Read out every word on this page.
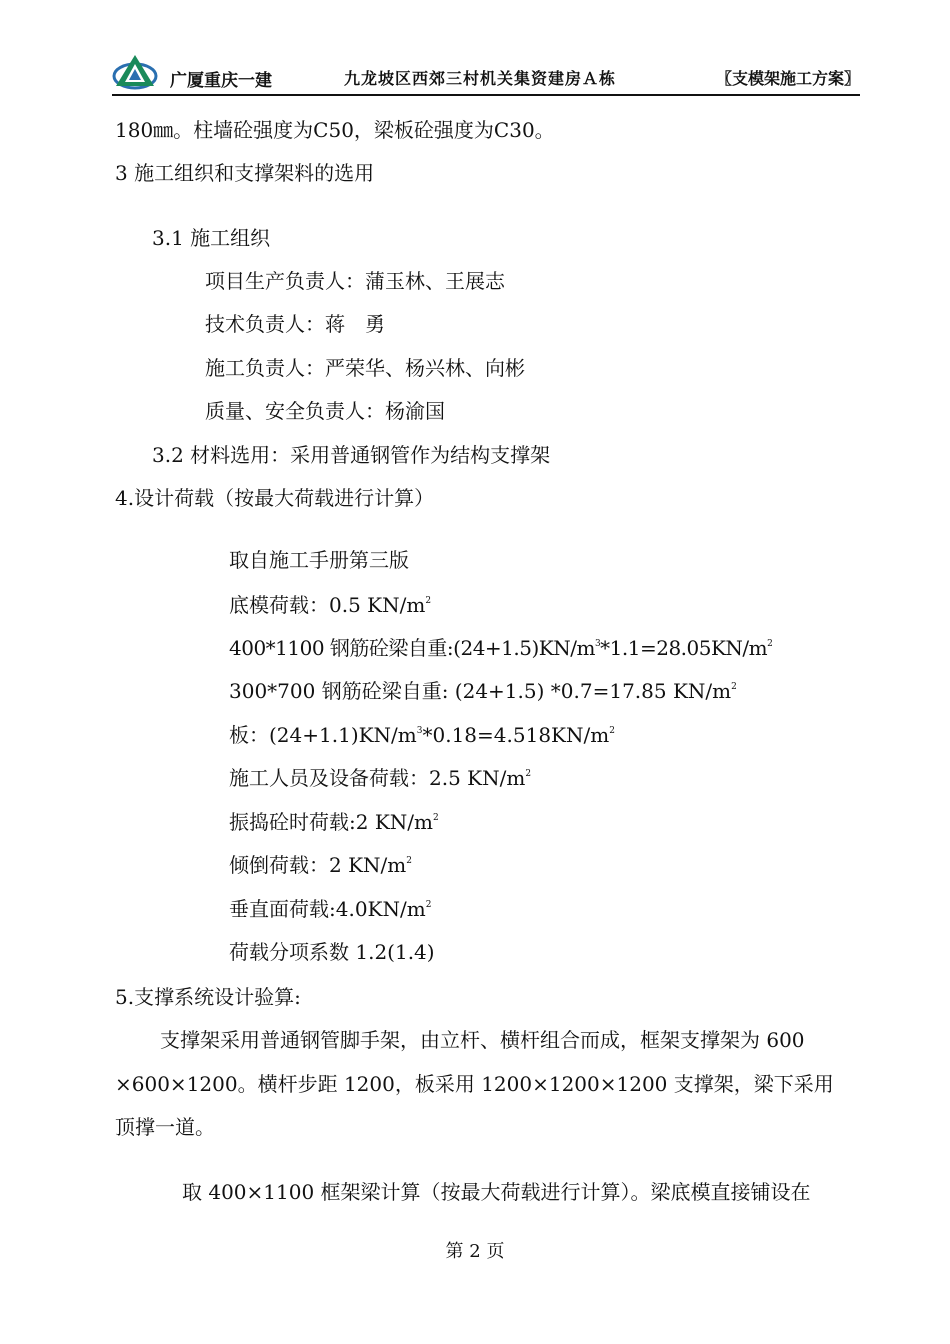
广厦重庆一建	九龙坡区西郊三村机关集资建房Ａ栋	〖支模架施工方案〗
180㎜。柱墙砼强度为C50，梁板砼强度为C30。
3 施工组织和支撑架料的选用
3.1 施工组织
项目生产负责人：蒲玉林、王展志
技术负责人：蒋　勇
施工负责人：严荣华、杨兴林、向彬
质量、安全负责人：杨渝国
3.2 材料选用：采用普通钢管作为结构支撑架
4.设计荷载（按最大荷载进行计算）
取自施工手册第三版
底模荷载：0.5 $KN/m^2$
400*1100 钢筋砼梁自重$:(24+1.5)KN/m^3*1.1=28.05KN/m^2$
300*700 钢筋砼梁自重: (24+1.5) *0.7=17.85 $KN/m^2$
板：$(24+1.1)KN/m^3*0.18=4.518KN/m^2$
施工人员及设备荷载：2.5 $KN/m^2$
振捣砼时荷载:2 $KN/m^2$
倾倒荷载：2 $KN/m^2$
垂直面荷载$:4.0KN/m^2$
荷载分项系数 1.2(1.4)
5.支撑系统设计验算:
支撑架采用普通钢管脚手架，由立杆、横杆组合而成，框架支撑架为 600
×600×1200。横杆步距 1200，板采用 1200×1200×1200 支撑架，梁下采用
顶撑一道。
取 400×1100 框架梁计算（按最大荷载进行计算）。梁底模直接铺设在
第 2 页
